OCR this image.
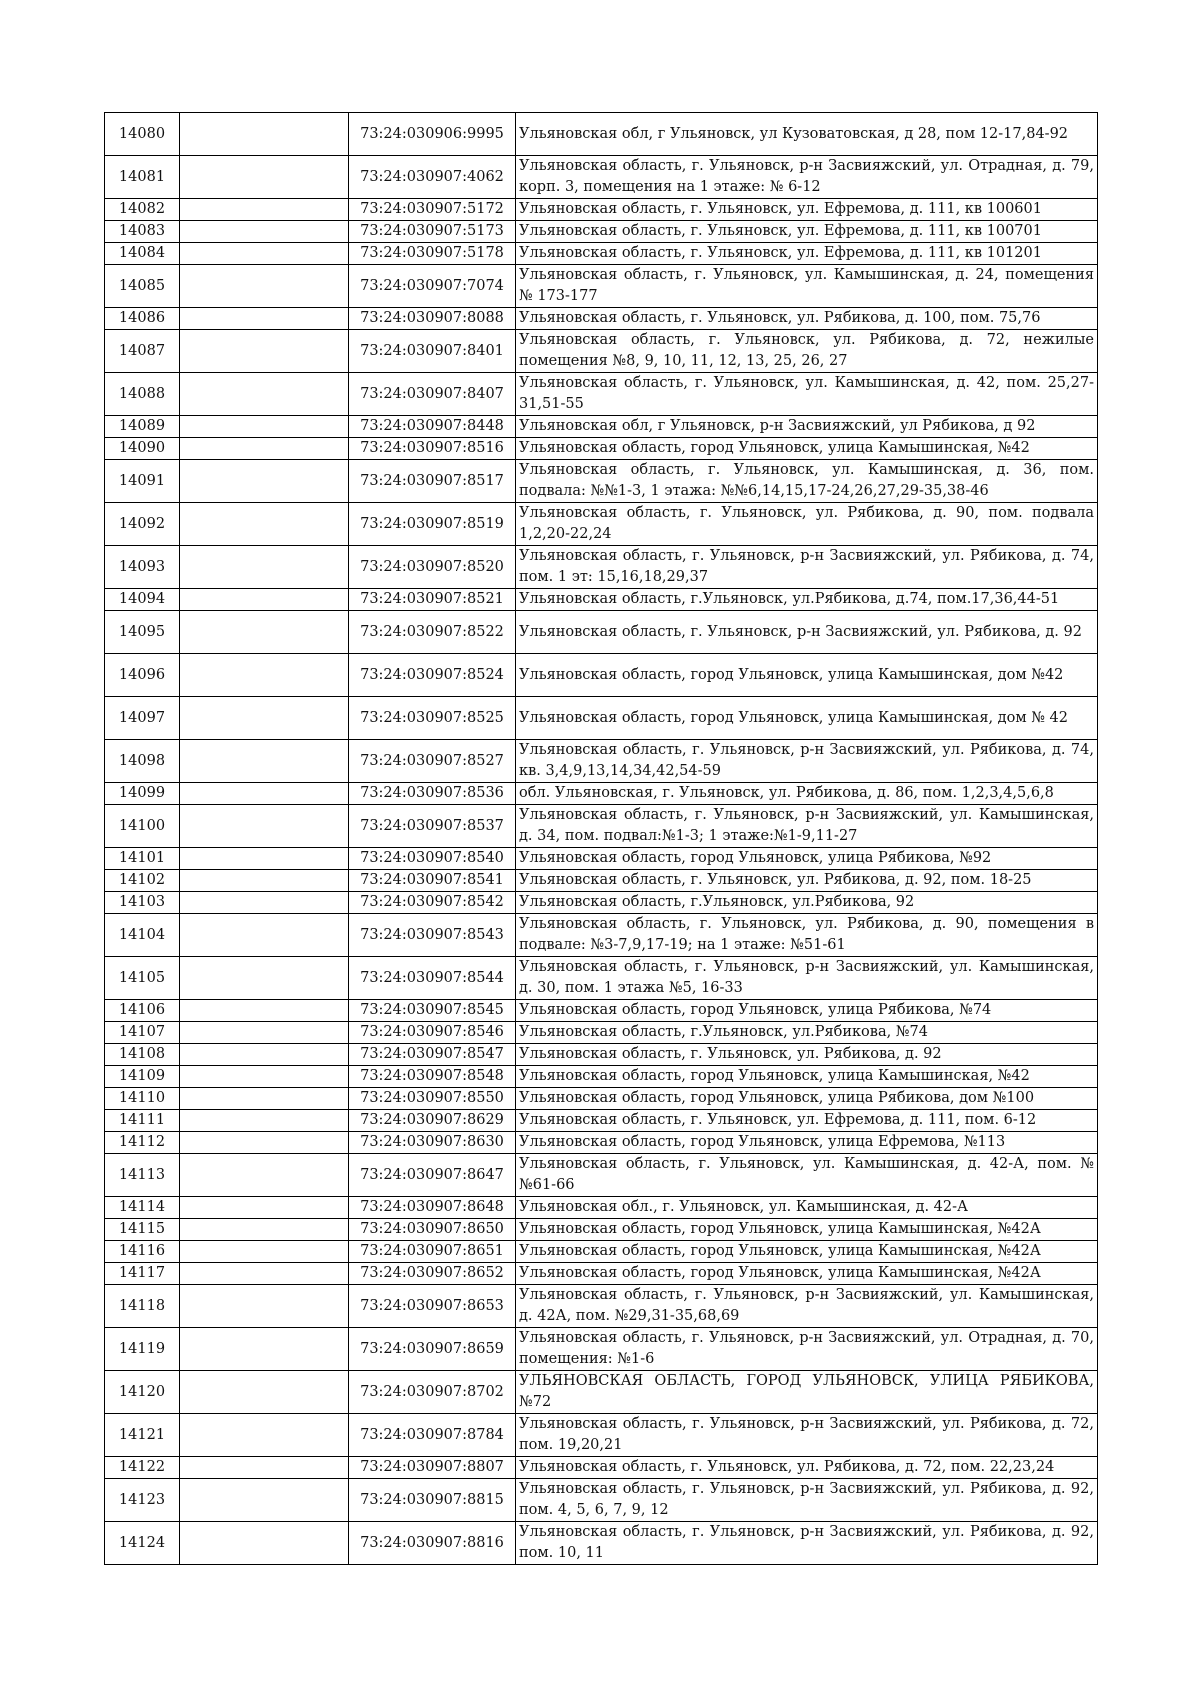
14080		73:24:030906:9995	Ульяновская обл, г Ульяновск, ул Кузоватовская, д 28, пом 12-17,84-92
14081		73:24:030907:4062	Ульяновская область, г. Ульяновск, р-н Засвияжский, ул. Отрадная, д. 79, корп. 3, помещения на 1 этаже: № 6-12
14082		73:24:030907:5172	Ульяновская область, г. Ульяновск, ул. Ефремова, д. 111, кв 100601
14083		73:24:030907:5173	Ульяновская область, г. Ульяновск, ул. Ефремова, д. 111, кв 100701
14084		73:24:030907:5178	Ульяновская область, г. Ульяновск, ул. Ефремова, д. 111, кв 101201
14085		73:24:030907:7074	Ульяновская область, г. Ульяновск, ул. Камышинская, д. 24, помещения № 173-177
14086		73:24:030907:8088	Ульяновская область, г. Ульяновск, ул. Рябикова, д. 100, пом. 75,76
14087		73:24:030907:8401	Ульяновская область, г. Ульяновск, ул. Рябикова, д. 72, нежилые помещения №8, 9, 10, 11, 12, 13, 25, 26, 27
14088		73:24:030907:8407	Ульяновская область, г. Ульяновск, ул. Камышинская, д. 42, пом. 25,27-31,51-55
14089		73:24:030907:8448	Ульяновская обл, г Ульяновск, р-н Засвияжский, ул Рябикова, д 92
14090		73:24:030907:8516	Ульяновская область, город Ульяновск, улица Камышинская, №42
14091		73:24:030907:8517	Ульяновская область, г. Ульяновск, ул. Камышинская, д. 36, пом. подвала: №№1-3, 1 этажа: №№6,14,15,17-24,26,27,29-35,38-46
14092		73:24:030907:8519	Ульяновская область, г. Ульяновск, ул. Рябикова, д. 90, пом. подвала 1,2,20-22,24
14093		73:24:030907:8520	Ульяновская область, г. Ульяновск, р-н Засвияжский, ул. Рябикова, д. 74, пом. 1 эт: 15,16,18,29,37
14094		73:24:030907:8521	Ульяновская область, г.Ульяновск, ул.Рябикова, д.74, пом.17,36,44-51
14095		73:24:030907:8522	Ульяновская область, г. Ульяновск, р-н Засвияжский, ул. Рябикова, д. 92
14096		73:24:030907:8524	Ульяновская область, город Ульяновск, улица Камышинская, дом №42
14097		73:24:030907:8525	Ульяновская область, город Ульяновск, улица Камышинская, дом № 42
14098		73:24:030907:8527	Ульяновская область, г. Ульяновск, р-н Засвияжский, ул. Рябикова, д. 74, кв. 3,4,9,13,14,34,42,54-59
14099		73:24:030907:8536	обл. Ульяновская, г. Ульяновск, ул. Рябикова, д. 86, пом. 1,2,3,4,5,6,8
14100		73:24:030907:8537	Ульяновская область, г. Ульяновск, р-н Засвияжский, ул. Камышинская, д. 34, пом. подвал:№1-3; 1 этаже:№1-9,11-27
14101		73:24:030907:8540	Ульяновская область, город Ульяновск, улица Рябикова, №92
14102		73:24:030907:8541	Ульяновская область, г. Ульяновск, ул. Рябикова, д. 92, пом. 18-25
14103		73:24:030907:8542	Ульяновская область, г.Ульяновск, ул.Рябикова, 92
14104		73:24:030907:8543	Ульяновская область, г. Ульяновск, ул. Рябикова, д. 90, помещения в подвале: №3-7,9,17-19; на 1 этаже: №51-61
14105		73:24:030907:8544	Ульяновская область, г. Ульяновск, р-н Засвияжский, ул. Камышинская, д. 30, пом. 1 этажа №5, 16-33
14106		73:24:030907:8545	Ульяновская область, город Ульяновск, улица Рябикова, №74
14107		73:24:030907:8546	Ульяновская область, г.Ульяновск, ул.Рябикова, №74
14108		73:24:030907:8547	Ульяновская область, г. Ульяновск, ул. Рябикова, д. 92
14109		73:24:030907:8548	Ульяновская область, город Ульяновск, улица Камышинская, №42
14110		73:24:030907:8550	Ульяновская область, город Ульяновск, улица Рябикова, дом №100
14111		73:24:030907:8629	Ульяновская область, г. Ульяновск, ул. Ефремова, д. 111, пом. 6-12
14112		73:24:030907:8630	Ульяновская область, город Ульяновск, улица Ефремова, №113
14113		73:24:030907:8647	Ульяновская область, г. Ульяновск, ул. Камышинская, д. 42-А, пом. №№61-66
14114		73:24:030907:8648	Ульяновская обл., г. Ульяновск, ул. Камышинская, д. 42-А
14115		73:24:030907:8650	Ульяновская область, город Ульяновск, улица Камышинская, №42А
14116		73:24:030907:8651	Ульяновская область, город Ульяновск, улица Камышинская, №42А
14117		73:24:030907:8652	Ульяновская область, город Ульяновск, улица Камышинская, №42А
14118		73:24:030907:8653	Ульяновская область, г. Ульяновск, р-н Засвияжский, ул. Камышинская, д. 42А, пом. №29,31-35,68,69
14119		73:24:030907:8659	Ульяновская область, г. Ульяновск, р-н Засвияжский, ул. Отрадная, д. 70, помещения: №1-6
14120		73:24:030907:8702	УЛЬЯНОВСКАЯ ОБЛАСТЬ, ГОРОД УЛЬЯНОВСК, УЛИЦА РЯБИКОВА, №72
14121		73:24:030907:8784	Ульяновская область, г. Ульяновск, р-н Засвияжский, ул. Рябикова, д. 72, пом. 19,20,21
14122		73:24:030907:8807	Ульяновская область, г. Ульяновск, ул. Рябикова, д. 72, пом. 22,23,24
14123		73:24:030907:8815	Ульяновская область, г. Ульяновск, р-н Засвияжский, ул. Рябикова, д. 92, пом. 4, 5, 6, 7, 9, 12
14124		73:24:030907:8816	Ульяновская область, г. Ульяновск, р-н Засвияжский, ул. Рябикова, д. 92, пом. 10, 11
